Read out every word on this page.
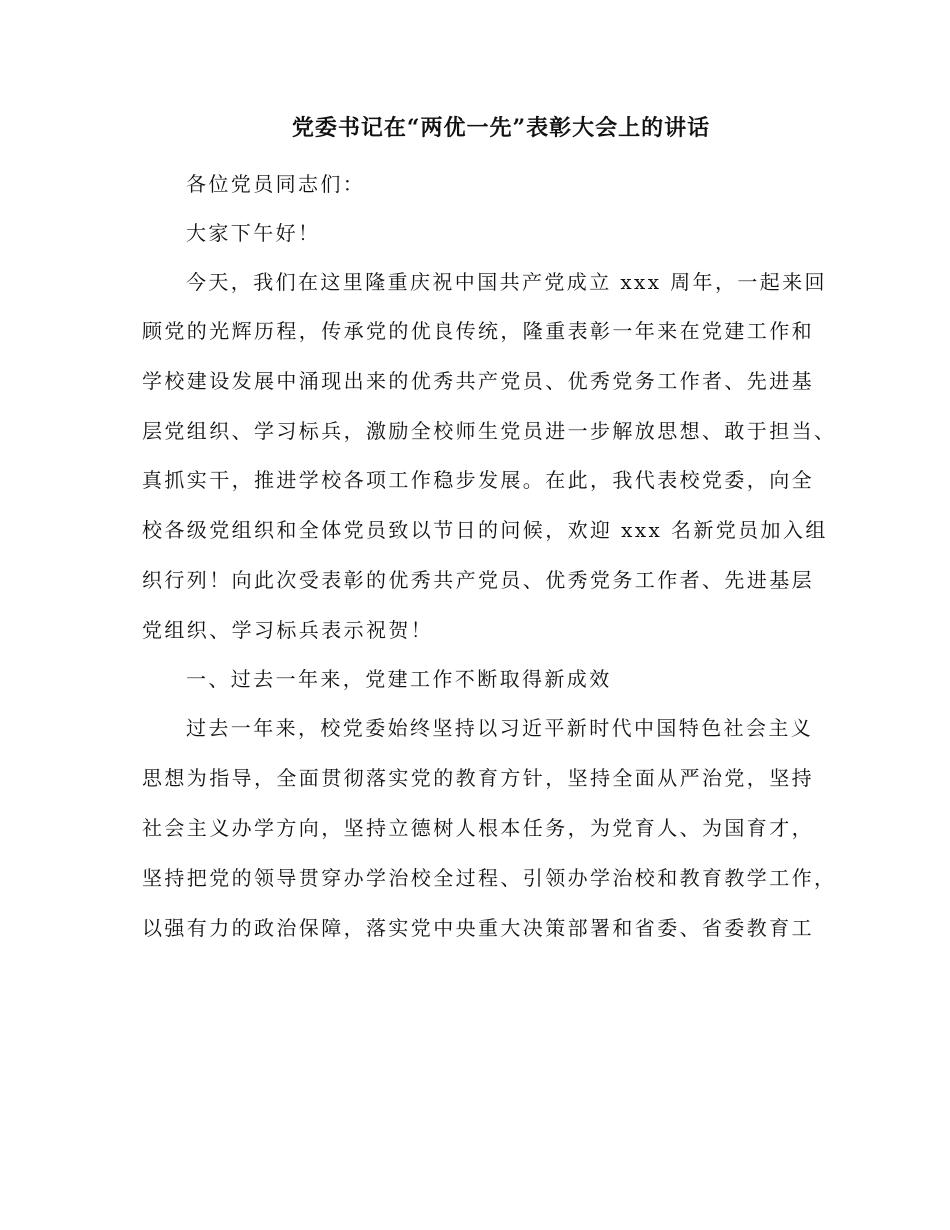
党委书记在“两优一先”表彰大会上的讲话
各位党员同志们：
大家下午好！
今天，我们在这里隆重庆祝中国共产党成立 xxx 周年，一起来回
顾党的光辉历程，传承党的优良传统，隆重表彰一年来在党建工作和
学校建设发展中涌现出来的优秀共产党员、优秀党务工作者、先进基
层党组织、学习标兵，激励全校师生党员进一步解放思想、敢于担当、
真抓实干，推进学校各项工作稳步发展。在此，我代表校党委，向全
校各级党组织和全体党员致以节日的问候，欢迎 xxx 名新党员加入组
织行列！向此次受表彰的优秀共产党员、优秀党务工作者、先进基层
党组织、学习标兵表示祝贺！
一、过去一年来，党建工作不断取得新成效
过去一年来，校党委始终坚持以习近平新时代中国特色社会主义
思想为指导，全面贯彻落实党的教育方针，坚持全面从严治党，坚持
社会主义办学方向，坚持立德树人根本任务，为党育人、为国育才，
坚持把党的领导贯穿办学治校全过程、引领办学治校和教育教学工作，
以强有力的政治保障，落实党中央重大决策部署和省委、省委教育工
